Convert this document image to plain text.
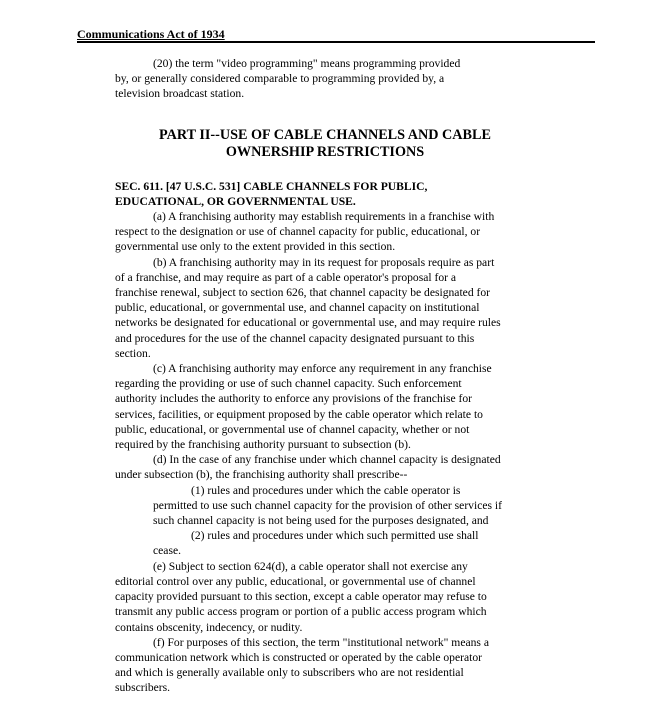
Communications Act of 1934
(20) the term "video programming" means programming provided
by, or generally considered comparable to programming provided by, a
television broadcast station.
PART II--USE OF CABLE CHANNELS AND CABLE
OWNERSHIP RESTRICTIONS
SEC. 611. [47 U.S.C. 531] CABLE CHANNELS FOR PUBLIC,
EDUCATIONAL, OR GOVERNMENTAL USE.
(a) A franchising authority may establish requirements in a franchise with
respect to the designation or use of channel capacity for public, educational, or
governmental use only to the extent provided in this section.
(b) A franchising authority may in its request for proposals require as part
of a franchise, and may require as part of a cable operator's proposal for a
franchise renewal, subject to section 626, that channel capacity be designated for
public, educational, or governmental use, and channel capacity on institutional
networks be designated for educational or governmental use, and may require rules
and procedures for the use of the channel capacity designated pursuant to this
section.
(c) A franchising authority may enforce any requirement in any franchise
regarding the providing or use of such channel capacity. Such enforcement
authority includes the authority to enforce any provisions of the franchise for
services, facilities, or equipment proposed by the cable operator which relate to
public, educational, or governmental use of channel capacity, whether or not
required by the franchising authority pursuant to subsection (b).
(d) In the case of any franchise under which channel capacity is designated
under subsection (b), the franchising authority shall prescribe--
(1) rules and procedures under which the cable operator is
permitted to use such channel capacity for the provision of other services if
such channel capacity is not being used for the purposes designated, and
(2) rules and procedures under which such permitted use shall
cease.
(e) Subject to section 624(d), a cable operator shall not exercise any
editorial control over any public, educational, or governmental use of channel
capacity provided pursuant to this section, except a cable operator may refuse to
transmit any public access program or portion of a public access program which
contains obscenity, indecency, or nudity.
(f) For purposes of this section, the term "institutional network" means a
communication network which is constructed or operated by the cable operator
and which is generally available only to subscribers who are not residential
subscribers.
